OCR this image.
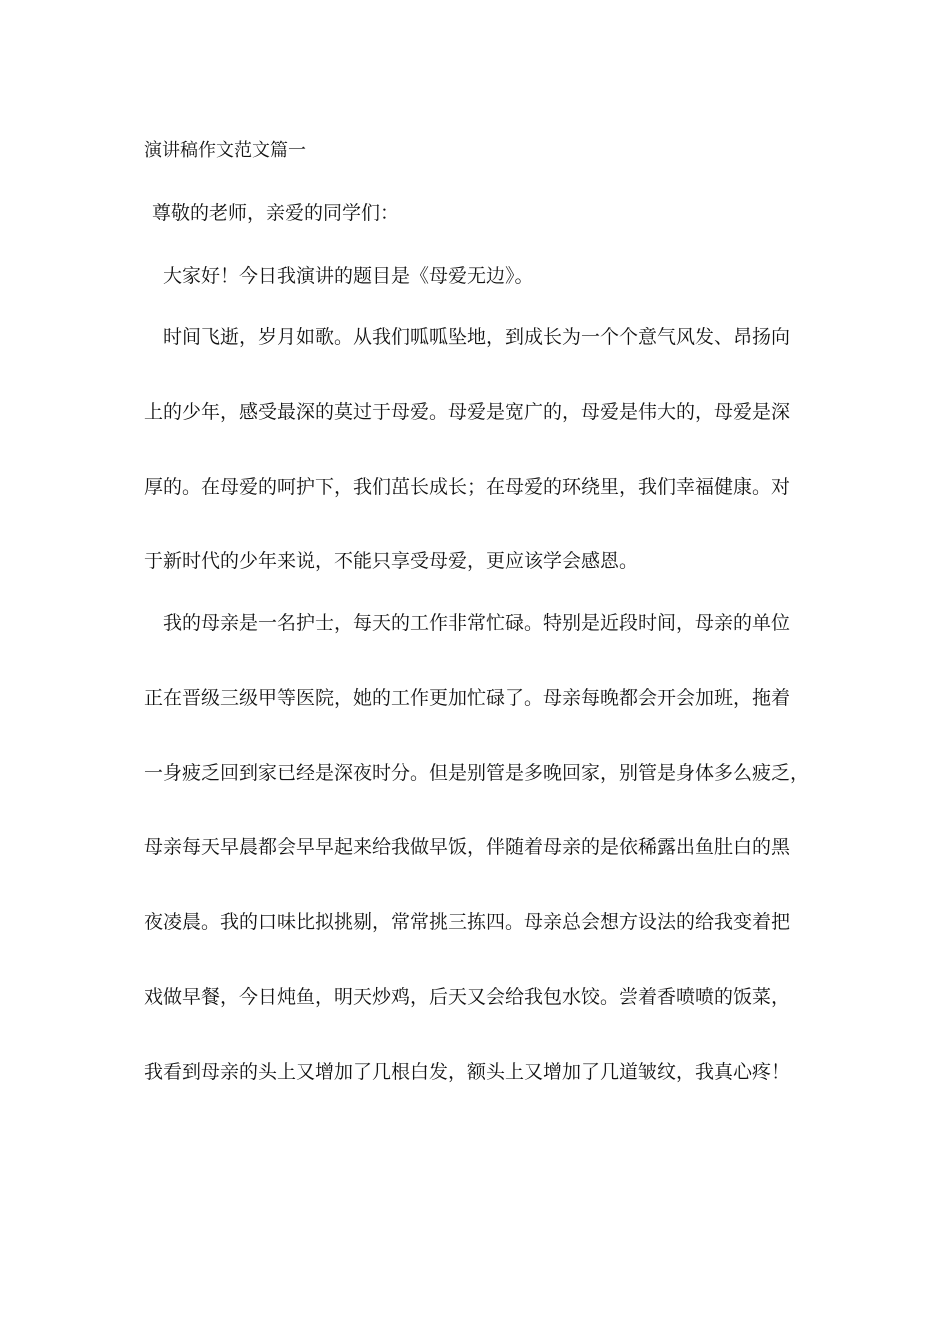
演讲稿作文范文篇一
尊敬的老师，亲爱的同学们：
大家好！今日我演讲的题目是《母爱无边》。
时间飞逝，岁月如歌。从我们呱呱坠地，到成长为一个个意气风发、昂扬向
上的少年，感受最深的莫过于母爱。母爱是宽广的，母爱是伟大的，母爱是深
厚的。在母爱的呵护下，我们茁长成长；在母爱的环绕里，我们幸福健康。对
于新时代的少年来说，不能只享受母爱，更应该学会感恩。
我的母亲是一名护士，每天的工作非常忙碌。特别是近段时间，母亲的单位
正在晋级三级甲等医院，她的工作更加忙碌了。母亲每晚都会开会加班，拖着
一身疲乏回到家已经是深夜时分。但是别管是多晚回家，别管是身体多么疲乏，
母亲每天早晨都会早早起来给我做早饭，伴随着母亲的是依稀露出鱼肚白的黑
夜凌晨。我的口味比拟挑剔，常常挑三拣四。母亲总会想方设法的给我变着把
戏做早餐，今日炖鱼，明天炒鸡，后天又会给我包水饺。尝着香喷喷的饭菜，
我看到母亲的头上又增加了几根白发，额头上又增加了几道皱纹，我真心疼！
